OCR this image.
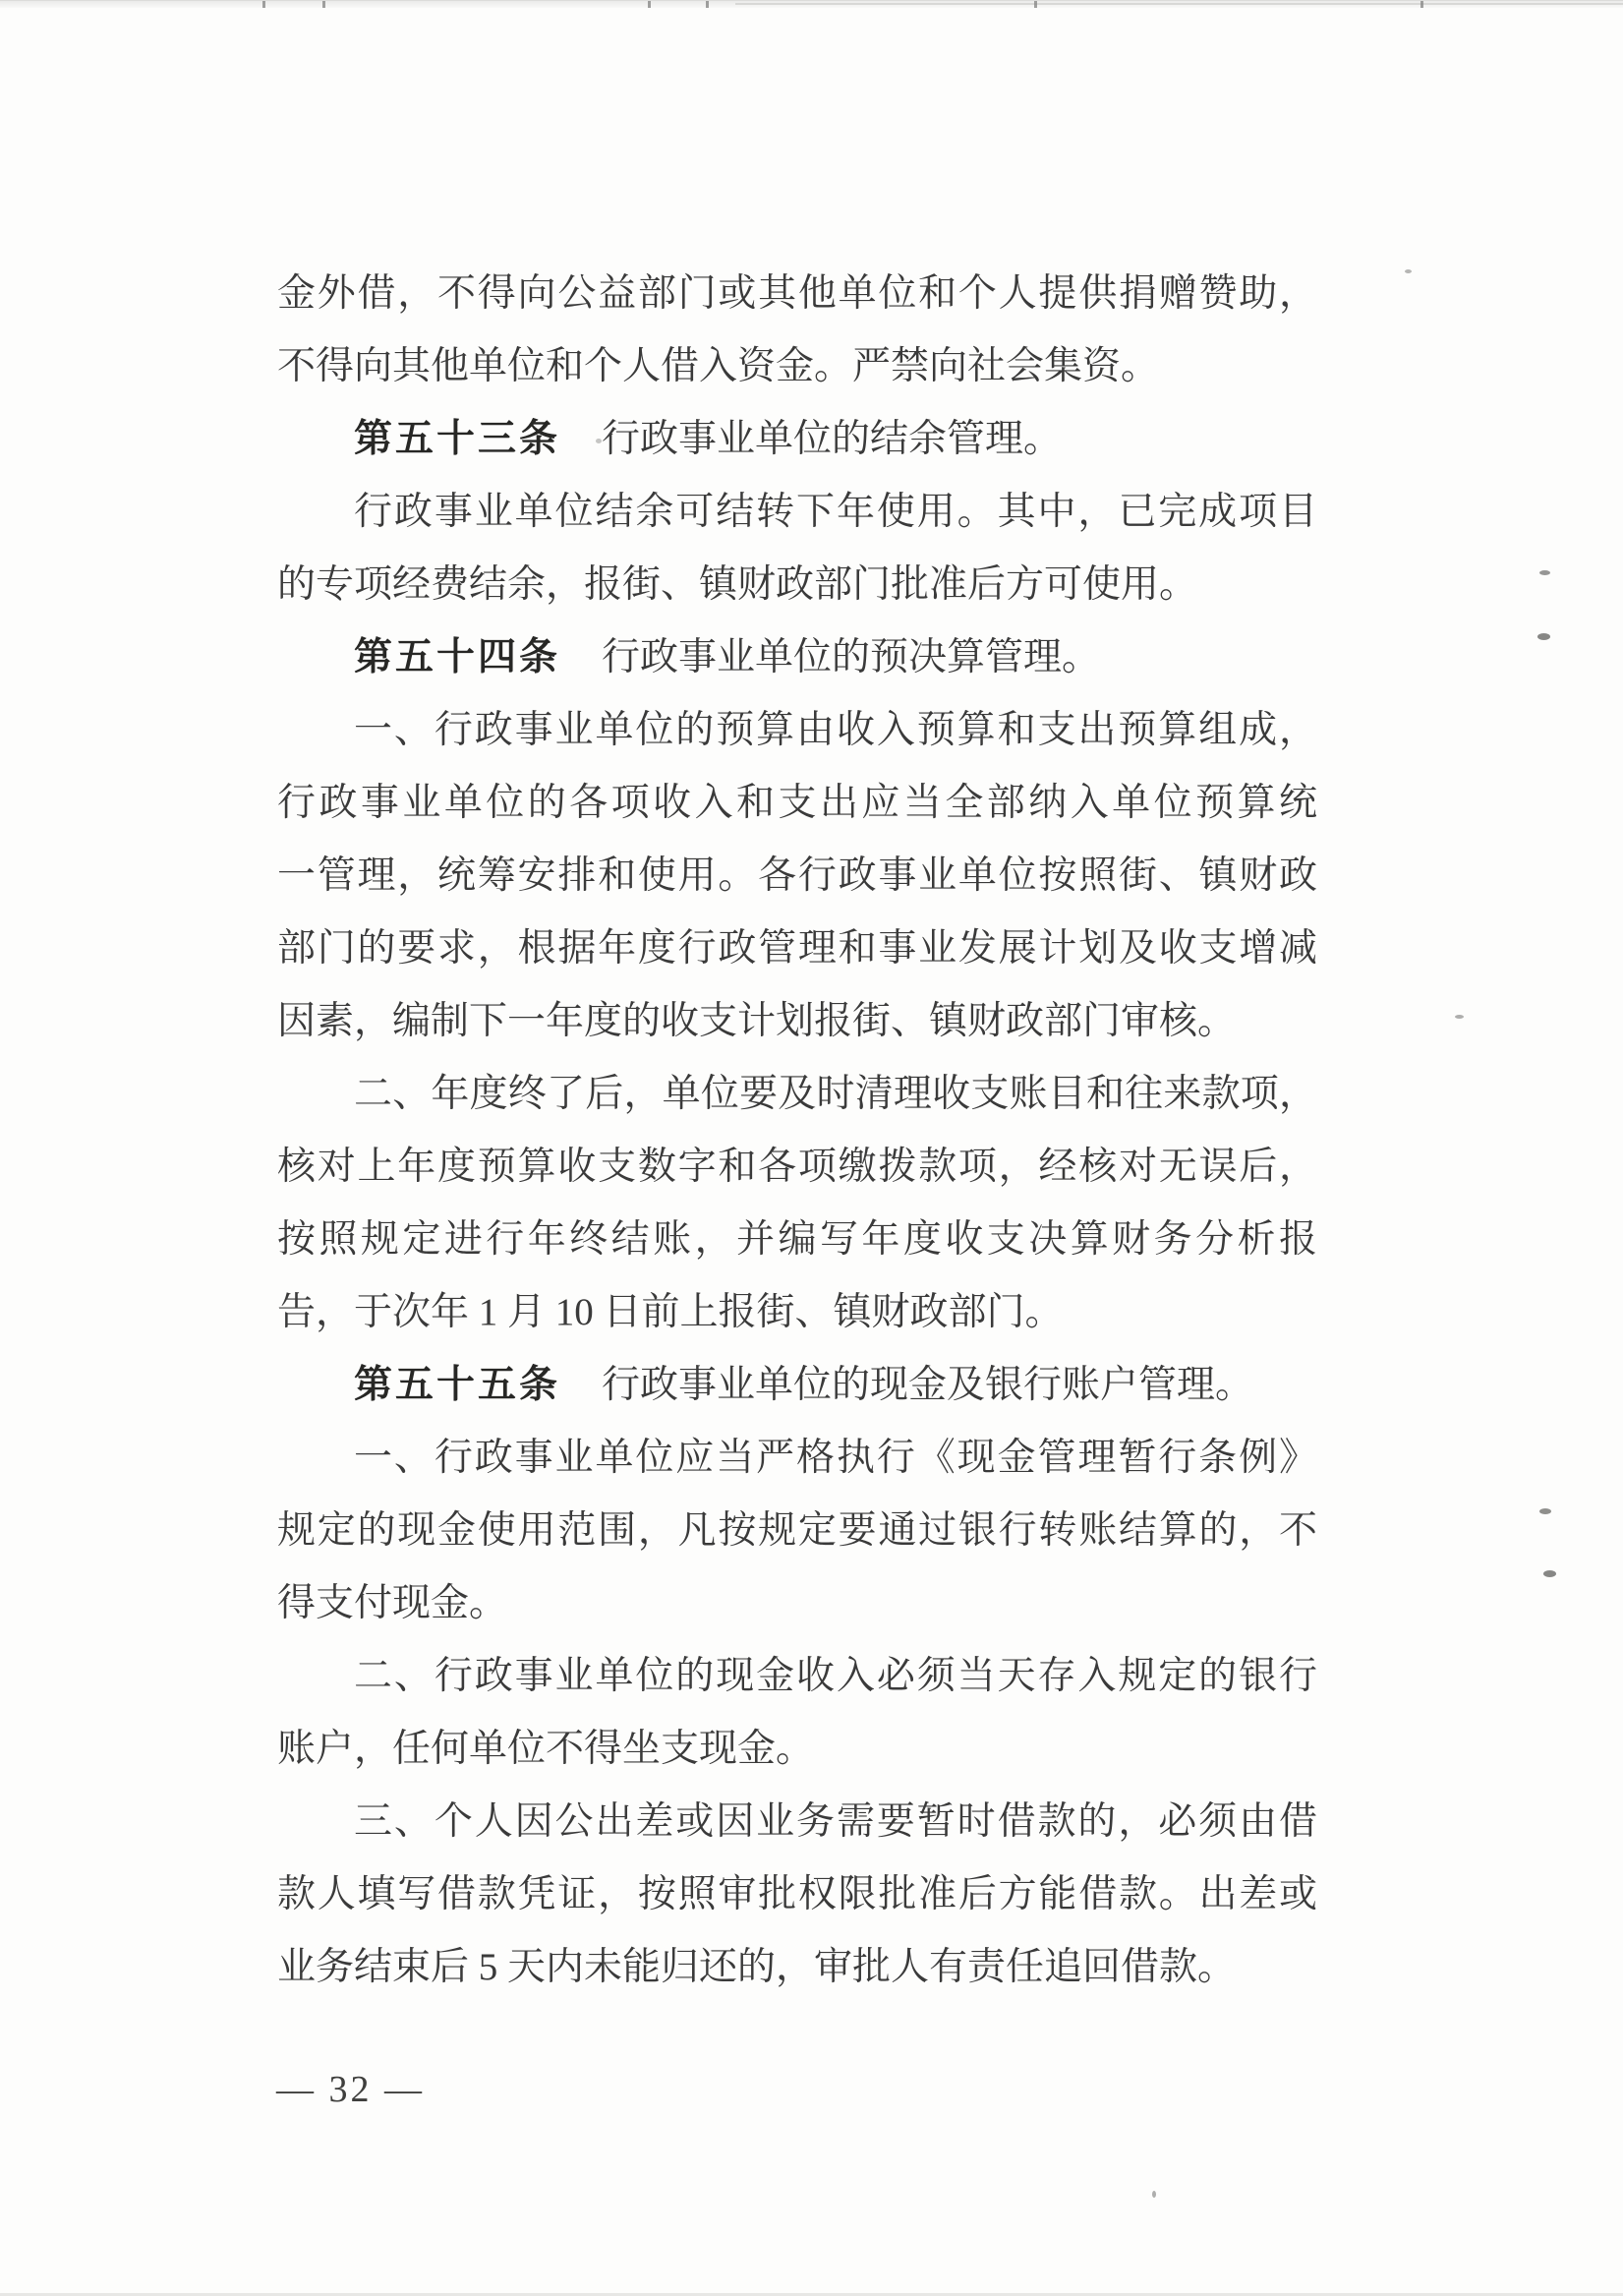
金外借，不得向公益部门或其他单位和个人提供捐赠赞助，
不得向其他单位和个人借入资金。严禁向社会集资。
第五十三条 行政事业单位的结余管理。
行政事业单位结余可结转下年使用。其中，已完成项目
的专项经费结余，报街、镇财政部门批准后方可使用。
第五十四条 行政事业单位的预决算管理。
一、行政事业单位的预算由收入预算和支出预算组成，
行政事业单位的各项收入和支出应当全部纳入单位预算统
一管理，统筹安排和使用。各行政事业单位按照街、镇财政
部门的要求，根据年度行政管理和事业发展计划及收支增减
因素，编制下一年度的收支计划报街、镇财政部门审核。
二、年度终了后，单位要及时清理收支账目和往来款项，
核对上年度预算收支数字和各项缴拨款项，经核对无误后，
按照规定进行年终结账，并编写年度收支决算财务分析报
告，于次年 1 月 10 日前上报街、镇财政部门。
第五十五条 行政事业单位的现金及银行账户管理。
一、行政事业单位应当严格执行《现金管理暂行条例》
规定的现金使用范围，凡按规定要通过银行转账结算的，不
得支付现金。
二、行政事业单位的现金收入必须当天存入规定的银行
账户，任何单位不得坐支现金。
三、个人因公出差或因业务需要暂时借款的，必须由借
款人填写借款凭证，按照审批权限批准后方能借款。出差或
业务结束后 5 天内未能归还的，审批人有责任追回借款。
— 32 —
